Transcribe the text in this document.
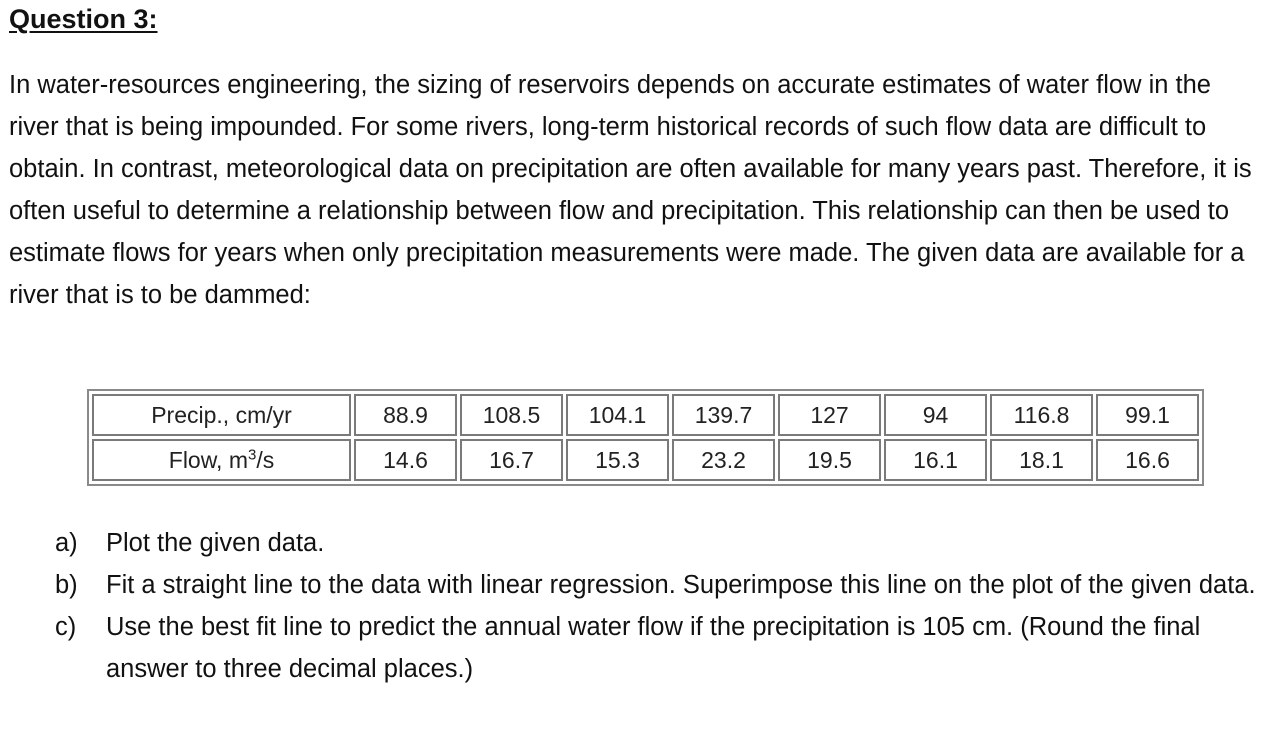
Question 3:

In water-resources engineering, the sizing of reservoirs depends on accurate estimates of water flow in the river that is being impounded. For some rivers, long-term historical records of such flow data are difficult to obtain. In contrast, meteorological data on precipitation are often available for many years past. Therefore, it is often useful to determine a relationship between flow and precipitation. This relationship can then be used to estimate flows for years when only precipitation measurements were made. The given data are available for a river that is to be dammed:

Precip., cm/yr	88.9	108.5	104.1	139.7	127	94	116.8	99.1
Flow, $m^3/s$	14.6	16.7	15.3	23.2	19.5	16.1	18.1	16.6
a) Plot the given data.
b) Fit a straight line to the data with linear regression. Superimpose this line on the plot of the given data.
c) Use the best fit line to predict the annual water flow if the precipitation is 105 cm. (Round the final answer to three decimal places.)
